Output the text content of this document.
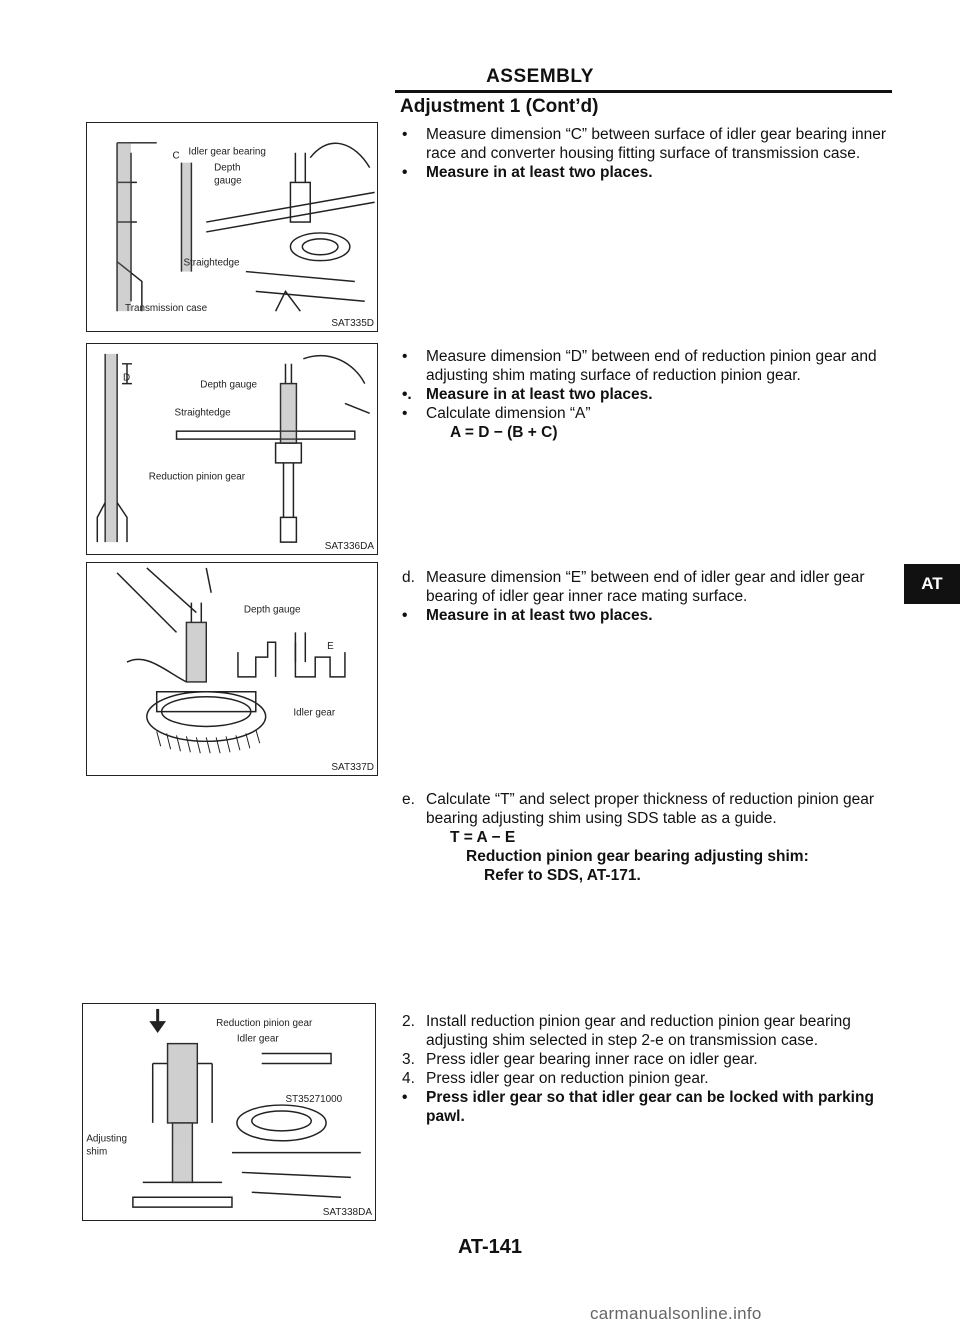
ASSEMBLY
Adjustment 1 (Cont’d)
C Idler gear bearing
Depth
gauge
Straightedge
Transmission case
SAT335D
D
Depth gauge
Straightedge
Reduction pinion gear
SAT336DA
Depth gauge
E
Idler gear
SAT337D
Reduction pinion gear
Idler gear
ST35271000
Adjusting
shim
SAT338DA
• Measure dimension “C” between surface of idler gear bearing inner race and converter housing fitting surface of transmission case.
• Measure in at least two places.
• Measure dimension “D” between end of reduction pinion gear and adjusting shim mating surface of reduction pinion gear.
•. Measure in at least two places.
• Calculate dimension “A”
A = D − (B + C)
d. Measure dimension “E” between end of idler gear and idler gear bearing of idler gear inner race mating surface.
• Measure in at least two places.
e. Calculate “T” and select proper thickness of reduction pinion gear bearing adjusting shim using SDS table as a guide.
T = A − E
Reduction pinion gear bearing adjusting shim:
Refer to SDS, AT-171.
2. Install reduction pinion gear and reduction pinion gear bearing adjusting shim selected in step 2-e on transmission case.
3. Press idler gear bearing inner race on idler gear.
4. Press idler gear on reduction pinion gear.
• Press idler gear so that idler gear can be locked with parking pawl.
AT
AT-141
carmanualsonline.info
